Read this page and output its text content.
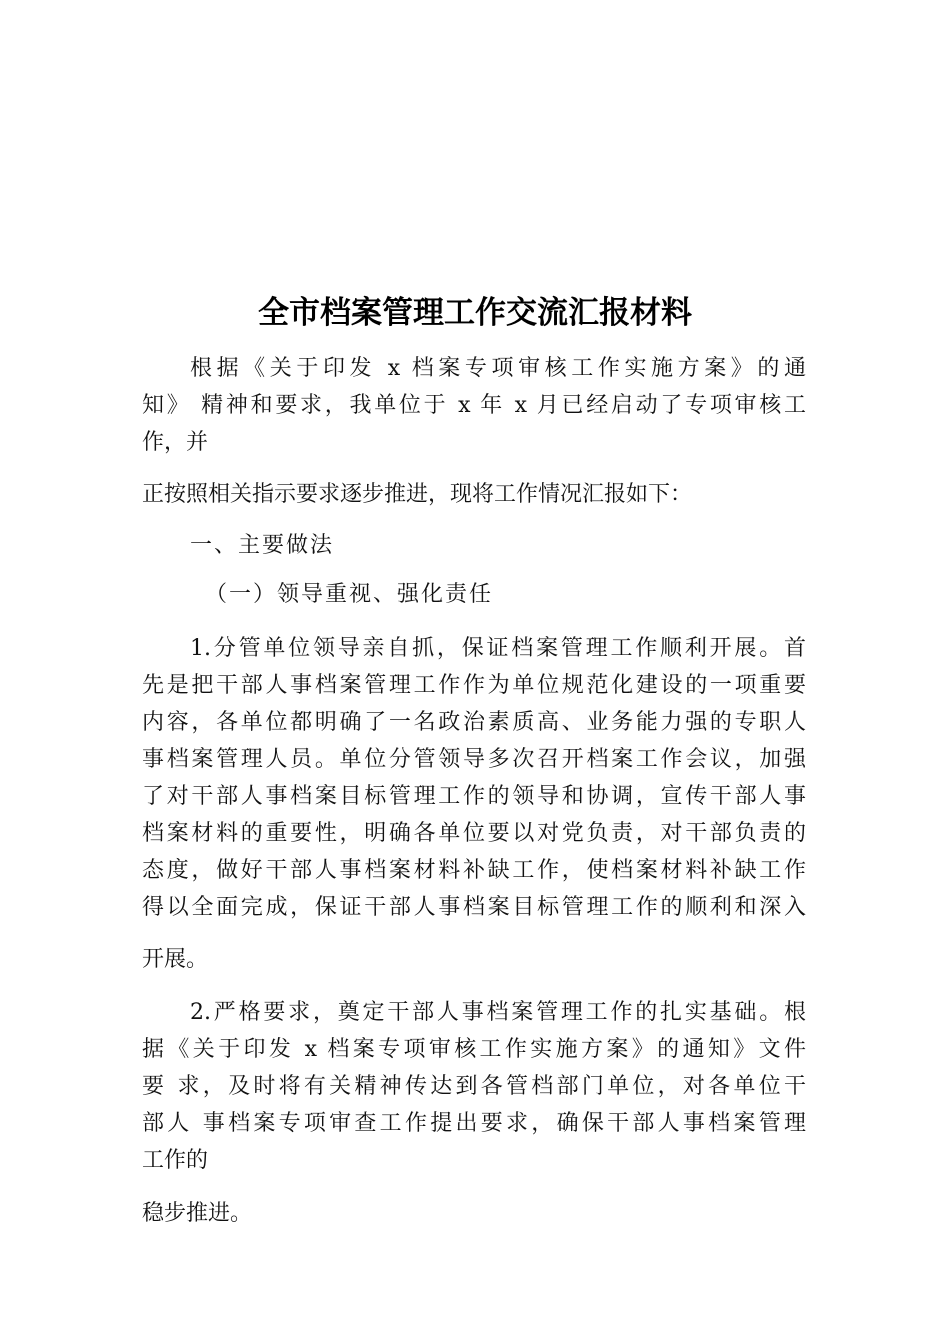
全市档案管理工作交流汇报材料
根据《关于印发 x 档案专项审核工作实施方案》的通
知》 精神和要求，我单位于 x 年 x 月已经启动了专项审核工
作，并
正按照相关指示要求逐步推进，现将工作情况汇报如下：

一、主要做法

（一）领导重视、强化责任

1.分管单位领导亲自抓，保证档案管理工作顺利开展。首
先是把干部人事档案管理工作作为单位规范化建设的一项重要
内容，各单位都明确了一名政治素质高、业务能力强的专职人
事档案管理人员。单位分管领导多次召开档案工作会议，加强
了对干部人事档案目标管理工作的领导和协调，宣传干部人事
档案材料的重要性，明确各单位要以对党负责，对干部负责的
态度，做好干部人事档案材料补缺工作，使档案材料补缺工作
得以全面完成，保证干部人事档案目标管理工作的顺利和深入
开展。
2.严格要求，奠定干部人事档案管理工作的扎实基础。根
据《关于印发 x 档案专项审核工作实施方案》的通知》文件
要 求，及时将有关精神传达到各管档部门单位，对各单位干
部人 事档案专项审查工作提出要求，确保干部人事档案管理
工作的
稳步推进。
